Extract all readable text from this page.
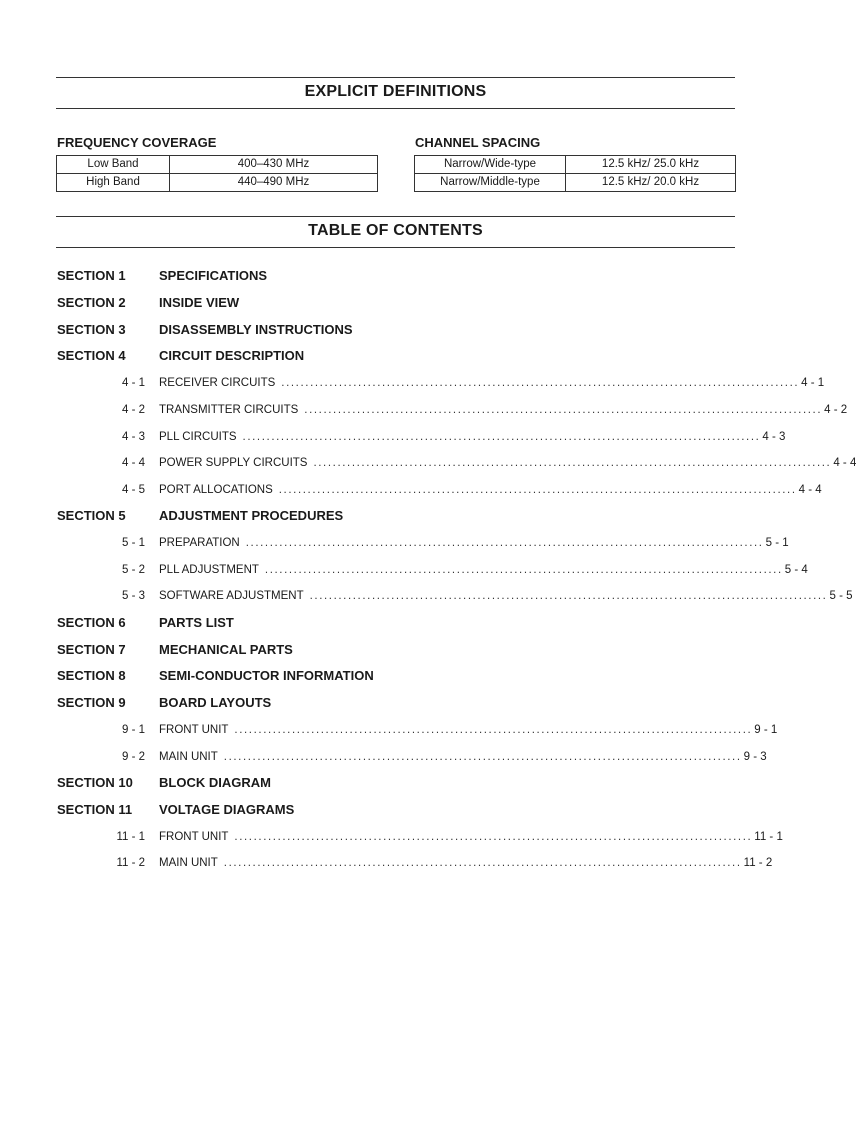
EXPLICIT DEFINITIONS
FREQUENCY COVERAGE
Low Band	400–430 MHz
High Band	440–490 MHz
CHANNEL SPACING
Narrow/Wide-type	12.5 kHz/ 25.0 kHz
Narrow/Middle-type	12.5 kHz/ 20.0 kHz
TABLE OF CONTENTS
SECTION 1	SPECIFICATIONS
SECTION 2	INSIDE VIEW
SECTION 3	DISASSEMBLY INSTRUCTIONS
SECTION 4	CIRCUIT DESCRIPTION
4 - 1 RECEIVER CIRCUITS ............................................................................................................ 4 - 1
4 - 2 TRANSMITTER CIRCUITS ............................................................................................................ 4 - 2
4 - 3 PLL CIRCUITS ............................................................................................................ 4 - 3
4 - 4 POWER SUPPLY CIRCUITS ............................................................................................................ 4 - 4
4 - 5 PORT ALLOCATIONS ............................................................................................................ 4 - 4
SECTION 5	ADJUSTMENT PROCEDURES
5 - 1 PREPARATION ............................................................................................................ 5 - 1
5 - 2 PLL ADJUSTMENT ............................................................................................................ 5 - 4
5 - 3 SOFTWARE ADJUSTMENT ............................................................................................................ 5 - 5
SECTION 6	PARTS LIST
SECTION 7	MECHANICAL PARTS
SECTION 8	SEMI-CONDUCTOR INFORMATION
SECTION 9	BOARD LAYOUTS
9 - 1 FRONT UNIT ............................................................................................................ 9 - 1
9 - 2 MAIN UNIT ............................................................................................................ 9 - 3
SECTION 10 BLOCK DIAGRAM
SECTION 11 VOLTAGE DIAGRAMS
11 - 1 FRONT UNIT ............................................................................................................ 11 - 1
11 - 2 MAIN UNIT ............................................................................................................ 11 - 2
